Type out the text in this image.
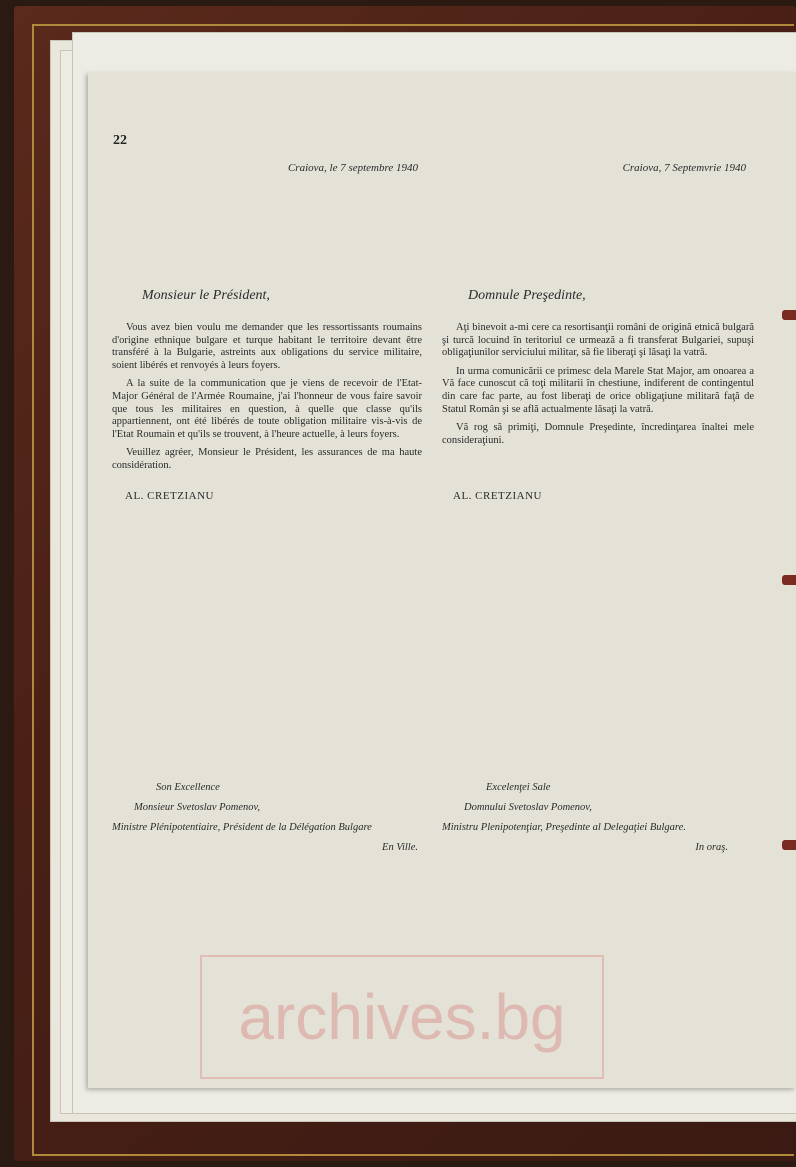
22
Craiova, le 7 septembre 1940
Monsieur le Président,

Vous avez bien voulu me demander que les ressortissants roumains d'origine ethnique bulgare et turque habitant le territoire devant être transféré à la Bulgarie, astreints aux obligations du service militaire, soient libérés et renvoyés à leurs foyers.

A la suite de la communication que je viens de recevoir de l'Etat-Major Général de l'Armée Roumaine, j'ai l'honneur de vous faire savoir que tous les militaires en question, à quelle que classe qu'ils appartiennent, ont été libérés de toute obligation militaire vis-à-vis de l'Etat Roumain et qu'ils se trouvent, à l'heure actuelle, à leurs foyers.

Veuillez agréer, Monsieur le Président, les assurances de ma haute considération.

AL. CRETZIANU
Son Excellence
Monsieur Svetoslav Pomenov,
Ministre Plénipotentiaire, Président de la Délégation Bulgare
En Ville.
Craiova, 7 Septemvrie 1940
Domnule Preşedinte,

Aţi binevoit a-mi cere ca resortisanţii români de origină etnică bulgară şi turcă locuind în teritoriul ce urmează a fi transferat Bulgariei, supuşi obligaţiunilor serviciului militar, să fie liberaţi şi lăsaţi la vatră.

In urma comunicării ce primesc dela Marele Stat Major, am onoarea a Vă face cunoscut că toţi militarii în chestiune, indiferent de contingentul din care fac parte, au fost liberaţi de orice obligaţiune militară faţă de Statul Român şi se află actualmente lăsaţi la vatră.

Vă rog să primiţi, Domnule Preşedinte, încredinţarea înaltei mele consideraţiuni.

AL. CRETZIANU
Excelenţei Sale
Domnului Svetoslav Pomenov,
Ministru Plenipotenţiar, Preşedinte al Delegaţiei Bulgare.
In oraş.
archives.bg
